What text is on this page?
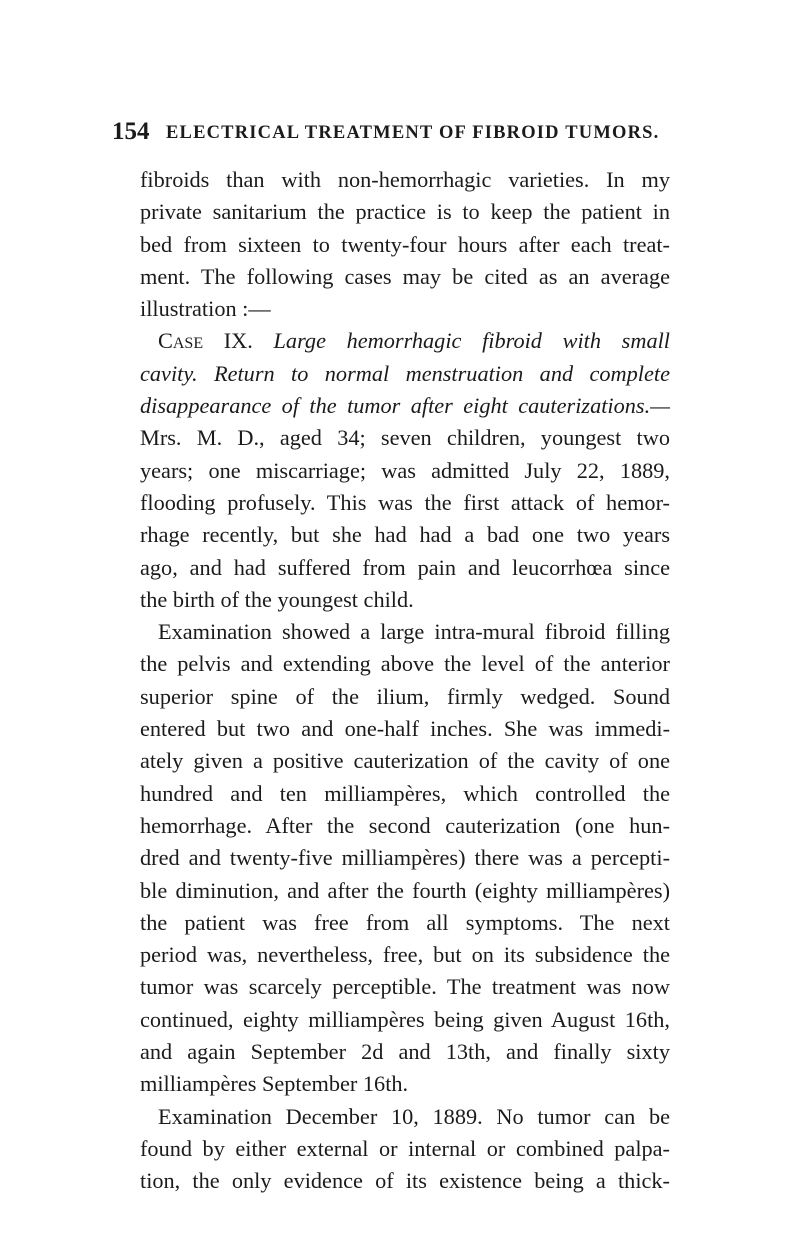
154 ELECTRICAL TREATMENT OF FIBROID TUMORS.
fibroids than with non-hemorrhagic varieties. In my
private sanitarium the practice is to keep the patient in
bed from sixteen to twenty-four hours after each treat-
ment. The following cases may be cited as an average
illustration :—
Case IX. Large hemorrhagic fibroid with small
cavity. Return to normal menstruation and complete
disappearance of the tumor after eight cauterizations.—
Mrs. M. D., aged 34; seven children, youngest two
years; one miscarriage; was admitted July 22, 1889,
flooding profusely. This was the first attack of hemor-
rhage recently, but she had had a bad one two years
ago, and had suffered from pain and leucorrhœa since
the birth of the youngest child.
Examination showed a large intra-mural fibroid filling
the pelvis and extending above the level of the anterior
superior spine of the ilium, firmly wedged. Sound
entered but two and one-half inches. She was immedi-
ately given a positive cauterization of the cavity of one
hundred and ten milliampères, which controlled the
hemorrhage. After the second cauterization (one hun-
dred and twenty-five milliampères) there was a percepti-
ble diminution, and after the fourth (eighty milliampères)
the patient was free from all symptoms. The next
period was, nevertheless, free, but on its subsidence the
tumor was scarcely perceptible. The treatment was now
continued, eighty milliampères being given August 16th,
and again September 2d and 13th, and finally sixty
milliampères September 16th.
Examination December 10, 1889. No tumor can be
found by either external or internal or combined palpa-
tion, the only evidence of its existence being a thick-
